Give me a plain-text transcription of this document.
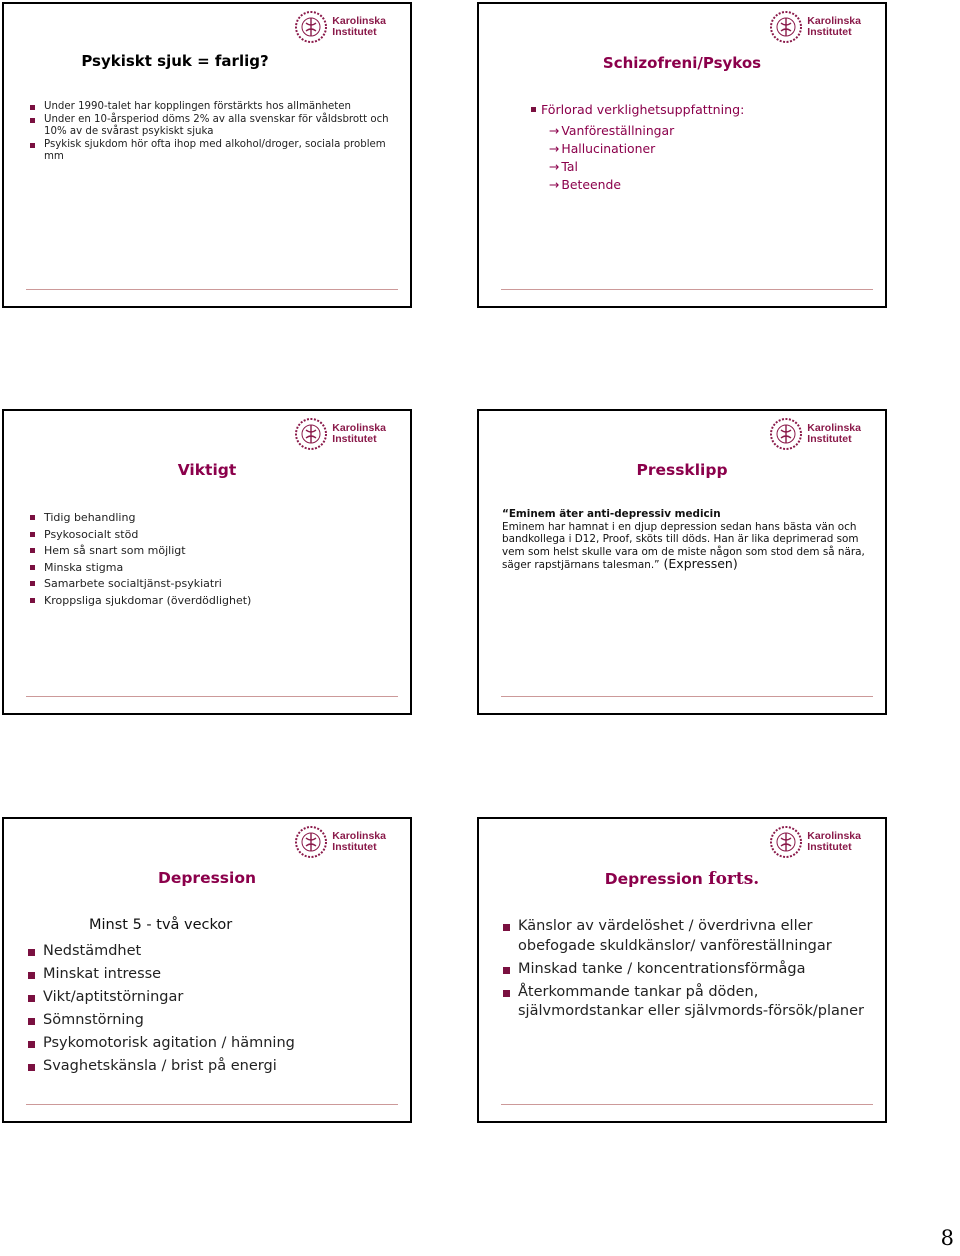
Karolinska
Institutet
Psykiskt sjuk = farlig?
Under 1990-talet har kopplingen förstärkts hos allmänheten
Under en 10-årsperiod döms 2% av alla svenskar för våldsbrott och 10% av de svårast psykiskt sjuka
Psykisk sjukdom hör ofta ihop med alkohol/droger, sociala problem mm
Karolinska
Institutet
Schizofreni/Psykos
Förlorad verklighetsuppfattning:
→ Vanföreställningar
→ Hallucinationer
→ Tal
→ Beteende
Karolinska
Institutet
Viktigt
Tidig behandling
Psykosocialt stöd
Hem så snart som möjligt
Minska stigma
Samarbete socialtjänst-psykiatri
Kroppsliga sjukdomar (överdödlighet)
Karolinska
Institutet
Pressklipp
“Eminem äter anti-depressiv medicin
Eminem har hamnat i en djup depression sedan hans bästa vän och bandkollega i D12, Proof, sköts till döds. Han är lika deprimerad som vem som helst skulle vara om de miste någon som stod dem så nära, säger rapstjärnans talesman.” (Expressen)
Karolinska
Institutet
Depression
Minst 5 - två veckor
Nedstämdhet
Minskat intresse
Vikt/aptitstörningar
Sömnstörning
Psykomotorisk agitation / hämning
Svaghetskänsla / brist på energi
Karolinska
Institutet
Depression forts.
Känslor av värdelöshet / överdrivna eller obefogade skuldkänslor/ vanföreställningar
Minskad tanke / koncentrationsförmåga
Återkommande tankar på döden, självmordstankar eller självmords-försök/planer
8
